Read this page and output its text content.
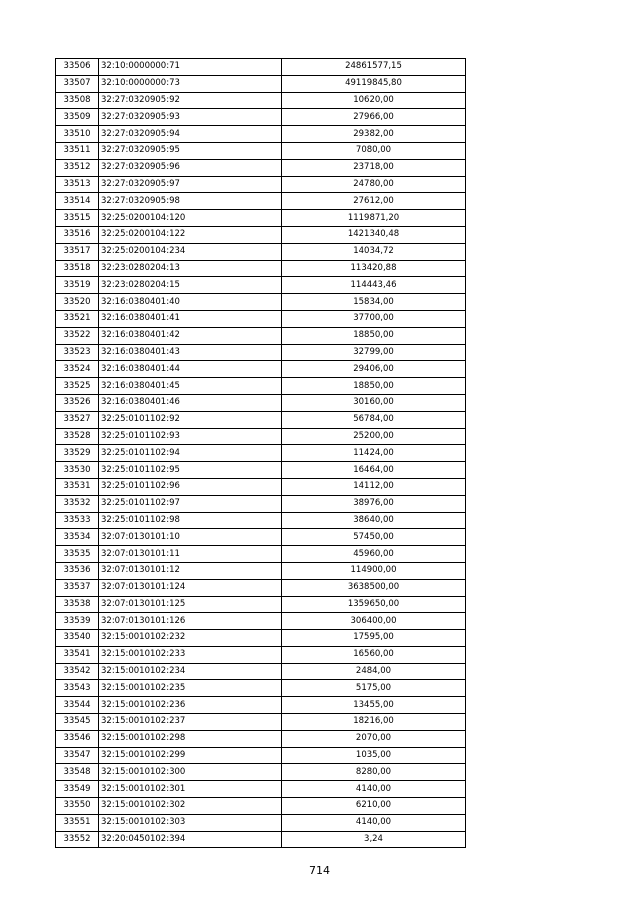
33506	32:10:0000000:71	24861577,15
33507	32:10:0000000:73	49119845,80
33508	32:27:0320905:92	10620,00
33509	32:27:0320905:93	27966,00
33510	32:27:0320905:94	29382,00
33511	32:27:0320905:95	7080,00
33512	32:27:0320905:96	23718,00
33513	32:27:0320905:97	24780,00
33514	32:27:0320905:98	27612,00
33515	32:25:0200104:120	1119871,20
33516	32:25:0200104:122	1421340,48
33517	32:25:0200104:234	14034,72
33518	32:23:0280204:13	113420,88
33519	32:23:0280204:15	114443,46
33520	32:16:0380401:40	15834,00
33521	32:16:0380401:41	37700,00
33522	32:16:0380401:42	18850,00
33523	32:16:0380401:43	32799,00
33524	32:16:0380401:44	29406,00
33525	32:16:0380401:45	18850,00
33526	32:16:0380401:46	30160,00
33527	32:25:0101102:92	56784,00
33528	32:25:0101102:93	25200,00
33529	32:25:0101102:94	11424,00
33530	32:25:0101102:95	16464,00
33531	32:25:0101102:96	14112,00
33532	32:25:0101102:97	38976,00
33533	32:25:0101102:98	38640,00
33534	32:07:0130101:10	57450,00
33535	32:07:0130101:11	45960,00
33536	32:07:0130101:12	114900,00
33537	32:07:0130101:124	3638500,00
33538	32:07:0130101:125	1359650,00
33539	32:07:0130101:126	306400,00
33540	32:15:0010102:232	17595,00
33541	32:15:0010102:233	16560,00
33542	32:15:0010102:234	2484,00
33543	32:15:0010102:235	5175,00
33544	32:15:0010102:236	13455,00
33545	32:15:0010102:237	18216,00
33546	32:15:0010102:298	2070,00
33547	32:15:0010102:299	1035,00
33548	32:15:0010102:300	8280,00
33549	32:15:0010102:301	4140,00
33550	32:15:0010102:302	6210,00
33551	32:15:0010102:303	4140,00
33552	32:20:0450102:394	3,24
714
